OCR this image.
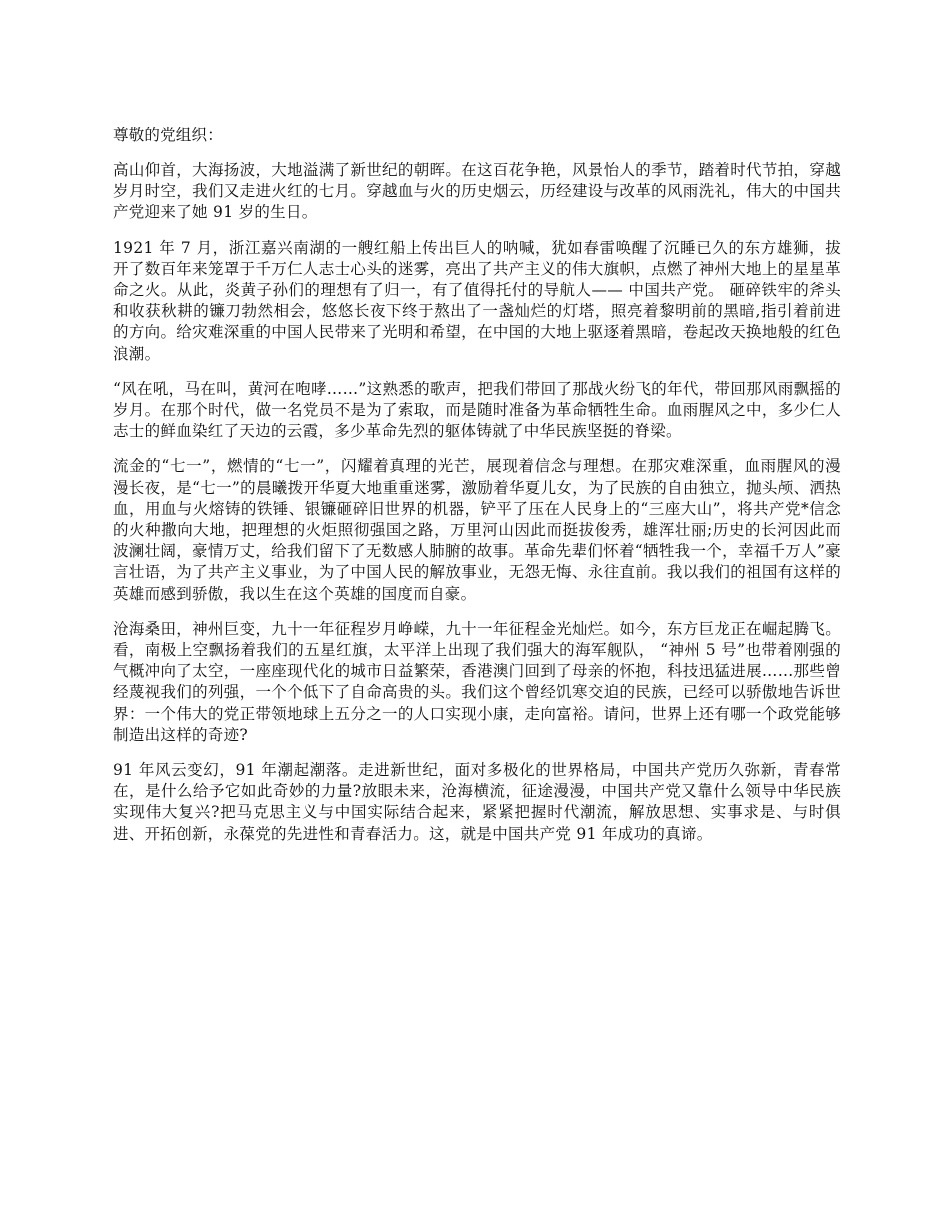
尊敬的党组织：

高山仰首，大海扬波，大地溢满了新世纪的朝晖。在这百花争艳，风景怡人的季节，踏着时代节拍，穿越岁月时空，我们又走进火红的七月。穿越血与火的历史烟云，历经建设与改革的风雨洗礼，伟大的中国共产党迎来了她 91 岁的生日。

1921 年 7 月，浙江嘉兴南湖的一艘红船上传出巨人的呐喊，犹如春雷唤醒了沉睡已久的东方雄狮，拔开了数百年来笼罩于千万仁人志士心头的迷雾，亮出了共产主义的伟大旗帜，点燃了神州大地上的星星革命之火。从此，炎黄子孙们的理想有了归一，有了值得托付的导航人—— 中国共产党。 砸碎铁牢的斧头和收获秋耕的镰刀勃然相会，悠悠长夜下终于熬出了一盏灿烂的灯塔，照亮着黎明前的黑暗,指引着前进的方向。给灾难深重的中国人民带来了光明和希望，在中国的大地上驱逐着黑暗，卷起改天换地般的红色浪潮。

“风在吼，马在叫，黄河在咆哮……”这熟悉的歌声，把我们带回了那战火纷飞的年代，带回那风雨飘摇的岁月。在那个时代，做一名党员不是为了索取，而是随时准备为革命牺牲生命。血雨腥风之中，多少仁人志士的鲜血染红了天边的云霞，多少革命先烈的躯体铸就了中华民族坚挺的脊梁。

流金的“七一”，燃情的“七一”，闪耀着真理的光芒，展现着信念与理想。在那灾难深重，血雨腥风的漫漫长夜，是“七一”的晨曦拨开华夏大地重重迷雾，激励着华夏儿女，为了民族的自由独立，抛头颅、洒热血，用血与火熔铸的铁锤、银镰砸碎旧世界的机器，铲平了压在人民身上的“三座大山”，将共产党*信念的火种撒向大地，把理想的火炬照彻强国之路，万里河山因此而挺拔俊秀，雄浑壮丽;历史的长河因此而波澜壮阔，豪情万丈，给我们留下了无数感人肺腑的故事。革命先辈们怀着“牺牲我一个，幸福千万人”豪言壮语，为了共产主义事业，为了中国人民的解放事业，无怨无悔、永往直前。我以我们的祖国有这样的英雄而感到骄傲，我以生在这个英雄的国度而自豪。

沧海桑田，神州巨变，九十一年征程岁月峥嵘，九十一年征程金光灿烂。如今，东方巨龙正在崛起腾飞。看，南极上空飘扬着我们的五星红旗，太平洋上出现了我们强大的海军舰队， “神州 5 号”也带着刚强的气概冲向了太空，一座座现代化的城市日益繁荣，香港澳门回到了母亲的怀抱，科技迅猛进展……那些曾经蔑视我们的列强，一个个低下了自命高贵的头。我们这个曾经饥寒交迫的民族，已经可以骄傲地告诉世界：一个伟大的党正带领地球上五分之一的人口实现小康，走向富裕。请问，世界上还有哪一个政党能够制造出这样的奇迹?

91 年风云变幻，91 年潮起潮落。走进新世纪，面对多极化的世界格局，中国共产党历久弥新，青春常在，是什么给予它如此奇妙的力量?放眼未来，沧海横流，征途漫漫，中国共产党又靠什么领导中华民族实现伟大复兴?把马克思主义与中国实际结合起来，紧紧把握时代潮流，解放思想、实事求是、与时俱进、开拓创新，永葆党的先进性和青春活力。这，就是中国共产党 91 年成功的真谛。
